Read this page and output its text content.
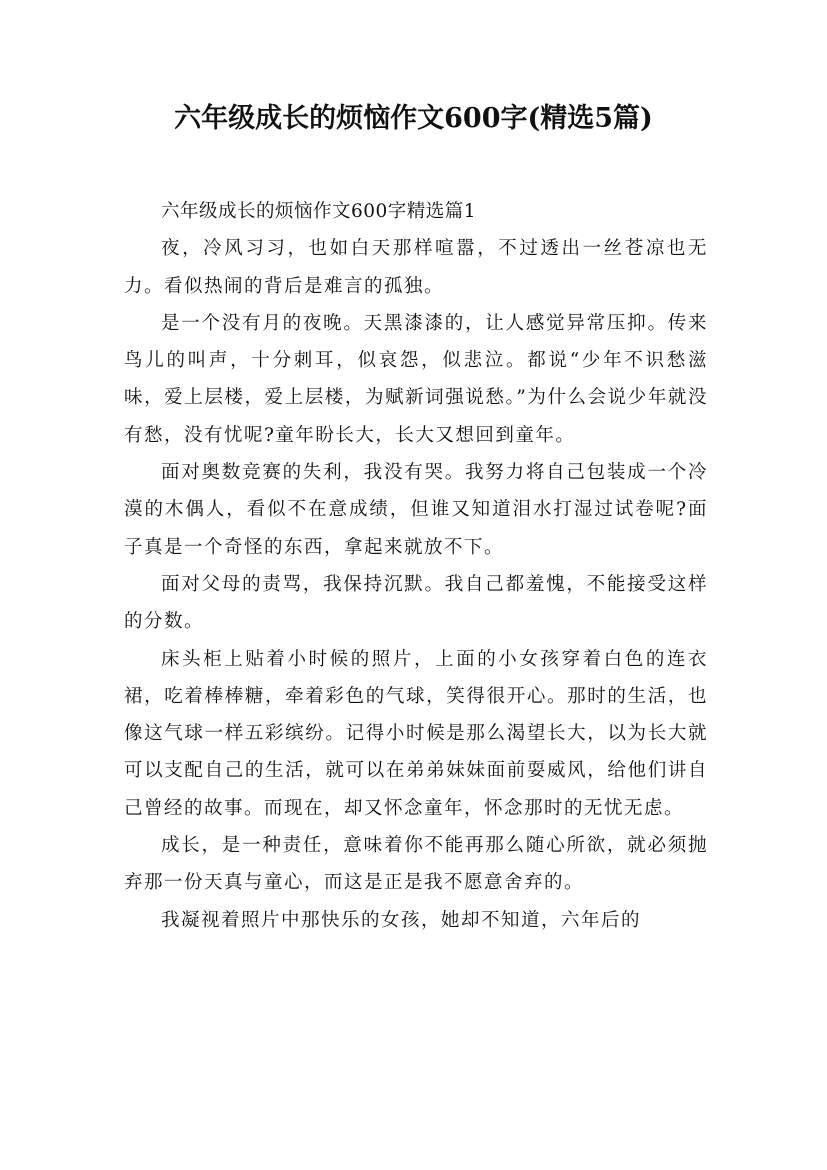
六年级成长的烦恼作文600字(精选5篇)

六年级成长的烦恼作文600字精选篇1

夜，冷风习习，也如白天那样喧嚣，不过透出一丝苍凉也无力。看似热闹的背后是难言的孤独。

是一个没有月的夜晚。天黑漆漆的，让人感觉异常压抑。传来鸟儿的叫声，十分刺耳，似哀怨，似悲泣。都说“少年不识愁滋味，爱上层楼，爱上层楼，为赋新词强说愁。”为什么会说少年就没有愁，没有忧呢?童年盼长大，长大又想回到童年。

面对奥数竞赛的失利，我没有哭。我努力将自己包装成一个冷漠的木偶人，看似不在意成绩，但谁又知道泪水打湿过试卷呢?面子真是一个奇怪的东西，拿起来就放不下。

面对父母的责骂，我保持沉默。我自己都羞愧，不能接受这样的分数。

床头柜上贴着小时候的照片，上面的小女孩穿着白色的连衣裙，吃着棒棒糖，牵着彩色的气球，笑得很开心。那时的生活，也像这气球一样五彩缤纷。记得小时候是那么渴望长大，以为长大就可以支配自己的生活，就可以在弟弟妹妹面前耍威风，给他们讲自己曾经的故事。而现在，却又怀念童年，怀念那时的无忧无虑。

成长，是一种责任，意味着你不能再那么随心所欲，就必须抛弃那一份天真与童心，而这是正是我不愿意舍弃的。

我凝视着照片中那快乐的女孩，她却不知道，六年后的
